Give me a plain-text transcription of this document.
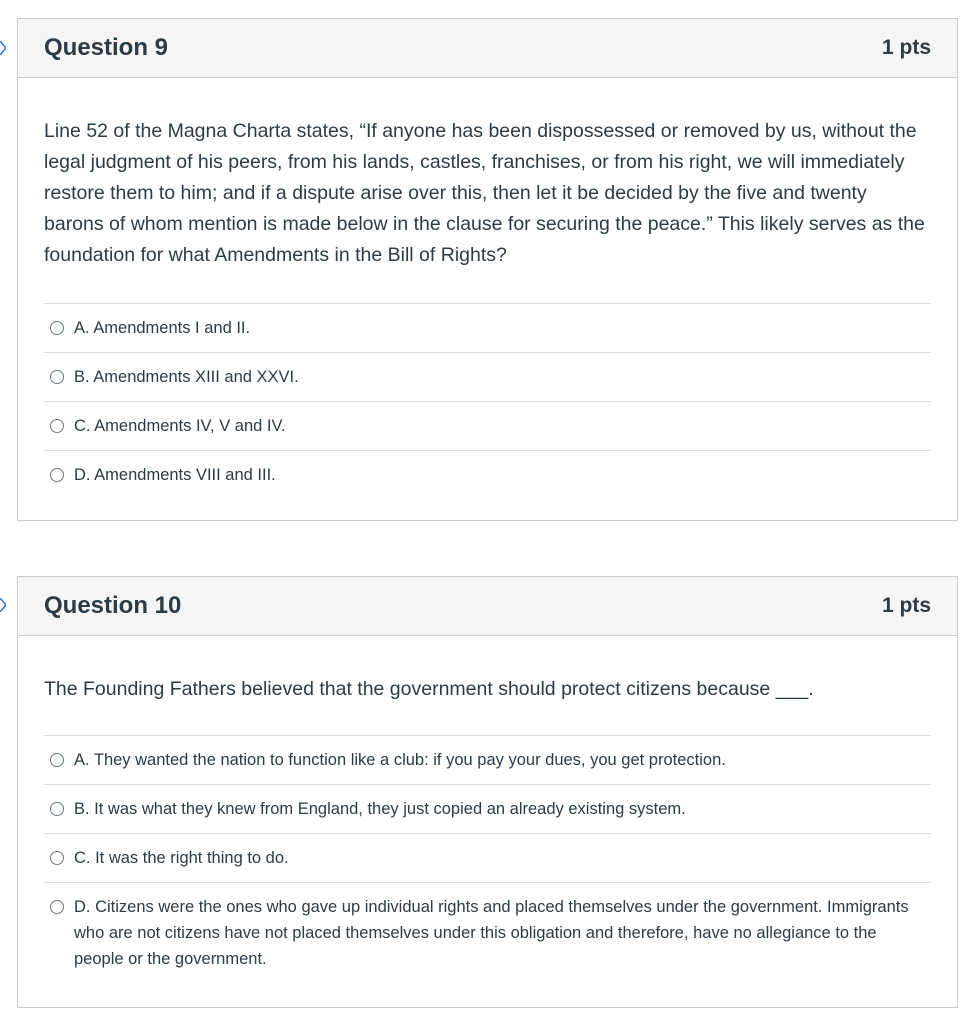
Question 9	1 pts

Line 52 of the Magna Charta states, “If anyone has been dispossessed or removed by us, without the legal judgment of his peers, from his lands, castles, franchises, or from his right, we will immediately restore them to him; and if a dispute arise over this, then let it be decided by the five and twenty barons of whom mention is made below in the clause for securing the peace.” This likely serves as the foundation for what Amendments in the Bill of Rights?

A. Amendments I and II.
B. Amendments XIII and XXVI.
C. Amendments IV, V and IV.
D. Amendments VIII and III.
Question 10	1 pts

The Founding Fathers believed that the government should protect citizens because ___.

A. They wanted the nation to function like a club: if you pay your dues, you get protection.
B. It was what they knew from England, they just copied an already existing system.
C. It was the right thing to do.
D. Citizens were the ones who gave up individual rights and placed themselves under the government. Immigrants who are not citizens have not placed themselves under this obligation and therefore, have no allegiance to the people or the government.
